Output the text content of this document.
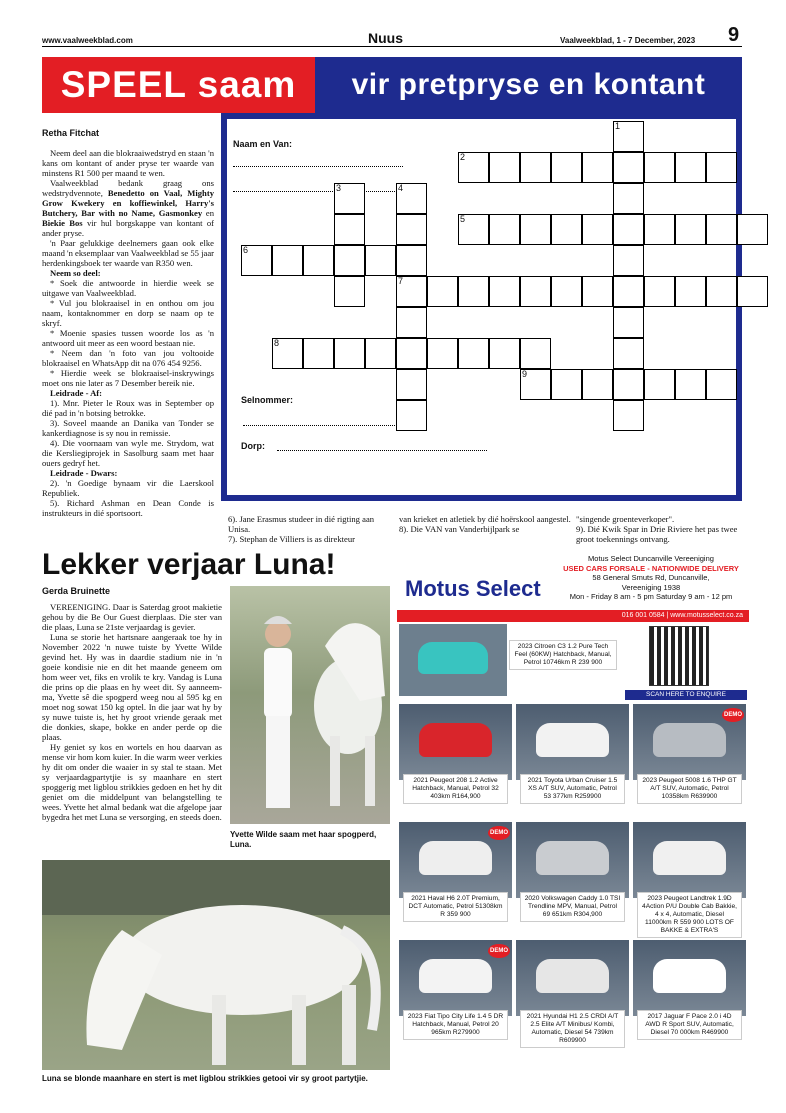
www.vaalweekblad.com	Nuus	Vaalweekblad, 1 - 7 December, 2023 9
SPEEL saam	vir pretpryse en kontant
Retha Fitchat

Neem deel aan die blokraaiwedstryd en staan 'n kans om kontant of ander pryse ter waarde van minstens R1 500 per maand te wen.

Vaalweekblad bedank graag ons wedstrydvennote, Benedetto on Vaal, Mighty Grow Kwekery en koffiewinkel, Harry's Butchery, Bar with no Name, Gasmonkey en Biekie Bos vir hul borgskappe van kontant of ander pryse.

'n Paar gelukkige deelnemers gaan ook elke maand 'n eksemplaar van Vaalweekblad se 55 jaar herdenkingsboek ter waarde van R350 wen.

Neem so deel:

* Soek die antwoorde in hierdie week se uitgawe van Vaalweekblad.

* Vul jou blokraaisel in en onthou om jou naam, kontaknommer en dorp se naam op te skryf.

* Moenie spasies tussen woorde los as 'n antwoord uit meer as een woord bestaan nie.

* Neem dan 'n foto van jou voltooide blokraaisel en WhatsApp dit na 076 454 9256.

* Hierdie week se blokraaisel-inskrywings moet ons nie later as 7 Desember bereik nie.

Leidrade - Af:

1). Mnr. Pieter le Roux was in September op dié pad in 'n botsing betrokke.

3). Soveel maande an Danika van Tonder se kankerdiagnose is sy nou in remissie.

4). Die voornaam van wyle me. Strydom, wat die Kersliegiprojek in Sasolburg saam met haar ouers gedryf het.

Leidrade - Dwars:

2). 'n Goedige bynaam vir die Laerskool Republiek.

5). Richard Ashman en Dean Conde is instrukteurs in dié sportsoort.

Naam en Van:
Selnommer:
Dorp:
1
2
3	4
5
6
7
8
9

6). Jane Erasmus studeer in dié rigting aan Unisa.

7). Stephan de Villiers is as direkteur

van krieket en atletiek by dié hoërskool aangestel.

8). Die VAN van Vanderbijlpark se

"singende groenteverkoper".

9). Dié Kwik Spar in Drie Riviere het pas twee groot toekennings ontvang.

Lekker verjaar Luna!
Gerda Bruinette

VEREENIGING. Daar is Saterdag groot makietie gehou by die Be Our Guest dierplaas. Die ster van die plaas, Luna se 21ste verjaardag is gevier.

Luna se storie het hartsnare aangeraak toe hy in November 2022 'n nuwe tuiste by Yvette Wilde gevind het. Hy was in daardie stadium nie in 'n goeie kondisie nie en dit het maande geneem om hom weer vet, fiks en vrolik te kry. Vandag is Luna die prins op die plaas en hy weet dit. Sy aanneem-ma, Yvette sê die spogperd weeg nou al 595 kg en moet nog sowat 150 kg optel. In die jaar wat hy by sy nuwe tuiste is, het hy groot vriende geraak met die donkies, skape, bokke en ander perde op die plaas.

Hy geniet sy kos en wortels en hou daarvan as mense vir hom kom kuier. In die warm weer verkies hy dit om onder die waaier in sy stal te staan. Met sy verjaardagpartytjie is sy maanhare en stert spoggerig met ligblou strikkies gedoen en het hy dit geniet om die middelpunt van belangstelling te wees. Yvette het almal bedank wat die afgelope jaar bygedra het met Luna se versorging, en steeds doen.

Yvette Wilde saam met haar spogperd, Luna.
Luna se blonde maanhare en stert is met ligblou strikkies getooi vir sy groot partytjie.
Motus Select
Motus Select Duncanville Vereeniging
USED CARS FORSALE - NATIONWIDE DELIVERY
58 General Smuts Rd, Duncanville,
Vereeniging 1938
Mon - Friday 8 am - 5 pm Saturday 9 am - 12 pm
016 001 0584 | www.motusselect.co.za
2023 Citroen C3 1.2 Pure Tech Feel (60KW) Hatchback, Manual, Petrol 10746km R 239 900
SCAN HERE TO ENQUIRE
2021 Peugeot 208 1.2 Active Hatchback, Manual, Petrol 32 403km R164,900
2021 Toyota Urban Cruiser 1.5 XS A/T SUV, Automatic, Petrol 53 377km R259900
2023 Peugeot 5008 1.6 THP GT A/T SUV, Automatic, Petrol 10358km R639900
DEMO
2021 Haval H6 2.0T Premium, DCT Automatic, Petrol 51308km R 359 900
DEMO
2020 Volkswagen Caddy 1.0 TSI Trendline MPV, Manual, Petrol 69 651km R304,900
2023 Peugeot Landtrek 1.9D 4Action P/U Double Cab Bakkie, 4 x 4, Automatic, Diesel 11000km R 559 900 LOTS OF BAKKE & EXTRA'S
2023 Fiat Tipo City Life 1.4 5 DR Hatchback, Manual, Petrol 20 965km R279900
DEMO
2021 Hyundai H1 2.5 CRDI A/T 2.5 Elite A/T Minibus/ Kombi, Automatic, Diesel 54 739km R609900
2017 Jaguar F Pace 2.0 i 4D AWD R Sport SUV, Automatic, Diesel 70 000km R469900
